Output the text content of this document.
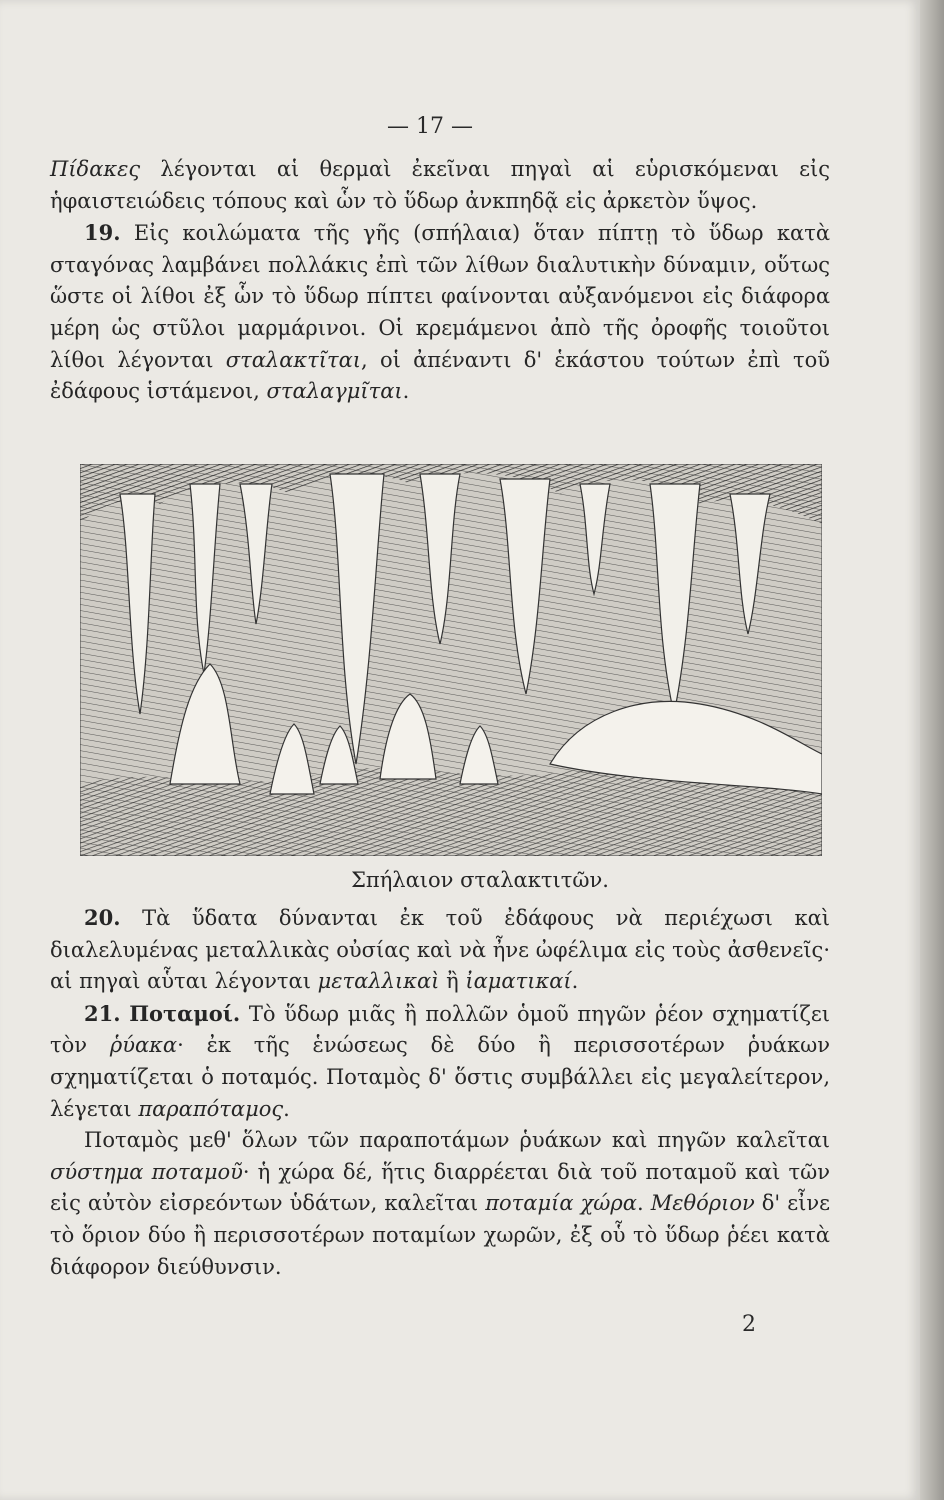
— 17 —

Πίδακες λέγονται αἱ θερμαὶ ἐκεῖναι πηγαὶ αἱ εὑρισκόμεναι εἰς ἡφαιστειώδεις τόπους καὶ ὧν τὸ ὕδωρ ἀνκπηδᾷ εἰς ἀρκετὸν ὕψος.

19. Εἰς κοιλώματα τῆς γῆς (σπήλαια) ὅταν πίπτῃ τὸ ὕδωρ κατὰ σταγόνας λαμβάνει πολλάκις ἐπὶ τῶν λίθων διαλυτικὴν δύναμιν, οὕτως ὥστε οἱ λίθοι ἐξ ὧν τὸ ὕδωρ πίπτει φαίνονται αὐξανόμενοι εἰς διάφορα μέρη ὡς στῦλοι μαρμάρινοι. Οἱ κρεμάμενοι ἀπὸ τῆς ὀροφῆς τοιοῦτοι λίθοι λέγονται σταλακτῖται, οἱ ἀπέναντι δ' ἑκάστου τούτων ἐπὶ τοῦ ἐδάφους ἱστάμενοι, σταλαγμῖται.

Σπήλαιον σταλακτιτῶν.

20. Τὰ ὕδατα δύνανται ἐκ τοῦ ἐδάφους νὰ περιέχωσι καὶ διαλελυμένας μεταλλικὰς οὐσίας καὶ νὰ ἦνε ὠφέλιμα εἰς τοὺς ἀσθενεῖς· αἱ πηγαὶ αὗται λέγονται μεταλλικαὶ ἢ ἰαματικαί.

21. Ποταμοί. Τὸ ὕδωρ μιᾶς ἢ πολλῶν ὁμοῦ πηγῶν ῥέον σχηματίζει τὸν ῥύακα· ἐκ τῆς ἑνώσεως δὲ δύο ἢ περισσοτέρων ῥυάκων σχηματίζεται ὁ ποταμός. Ποταμὸς δ' ὅστις συμβάλλει εἰς μεγαλείτερον, λέγεται παραπόταμος.

Ποταμὸς μεθ' ὅλων τῶν παραποτάμων ῥυάκων καὶ πηγῶν καλεῖται σύστημα ποταμοῦ· ἡ χώρα δέ, ἥτις διαρρέεται διὰ τοῦ ποταμοῦ καὶ τῶν εἰς αὐτὸν εἰσρεόντων ὑδάτων, καλεῖται ποταμία χώρα. Μεθόριον δ' εἶνε τὸ ὅριον δύο ἢ περισσοτέρων ποταμίων χωρῶν, ἐξ οὗ τὸ ὕδωρ ῥέει κατὰ διάφορον διεύθυνσιν.

2
